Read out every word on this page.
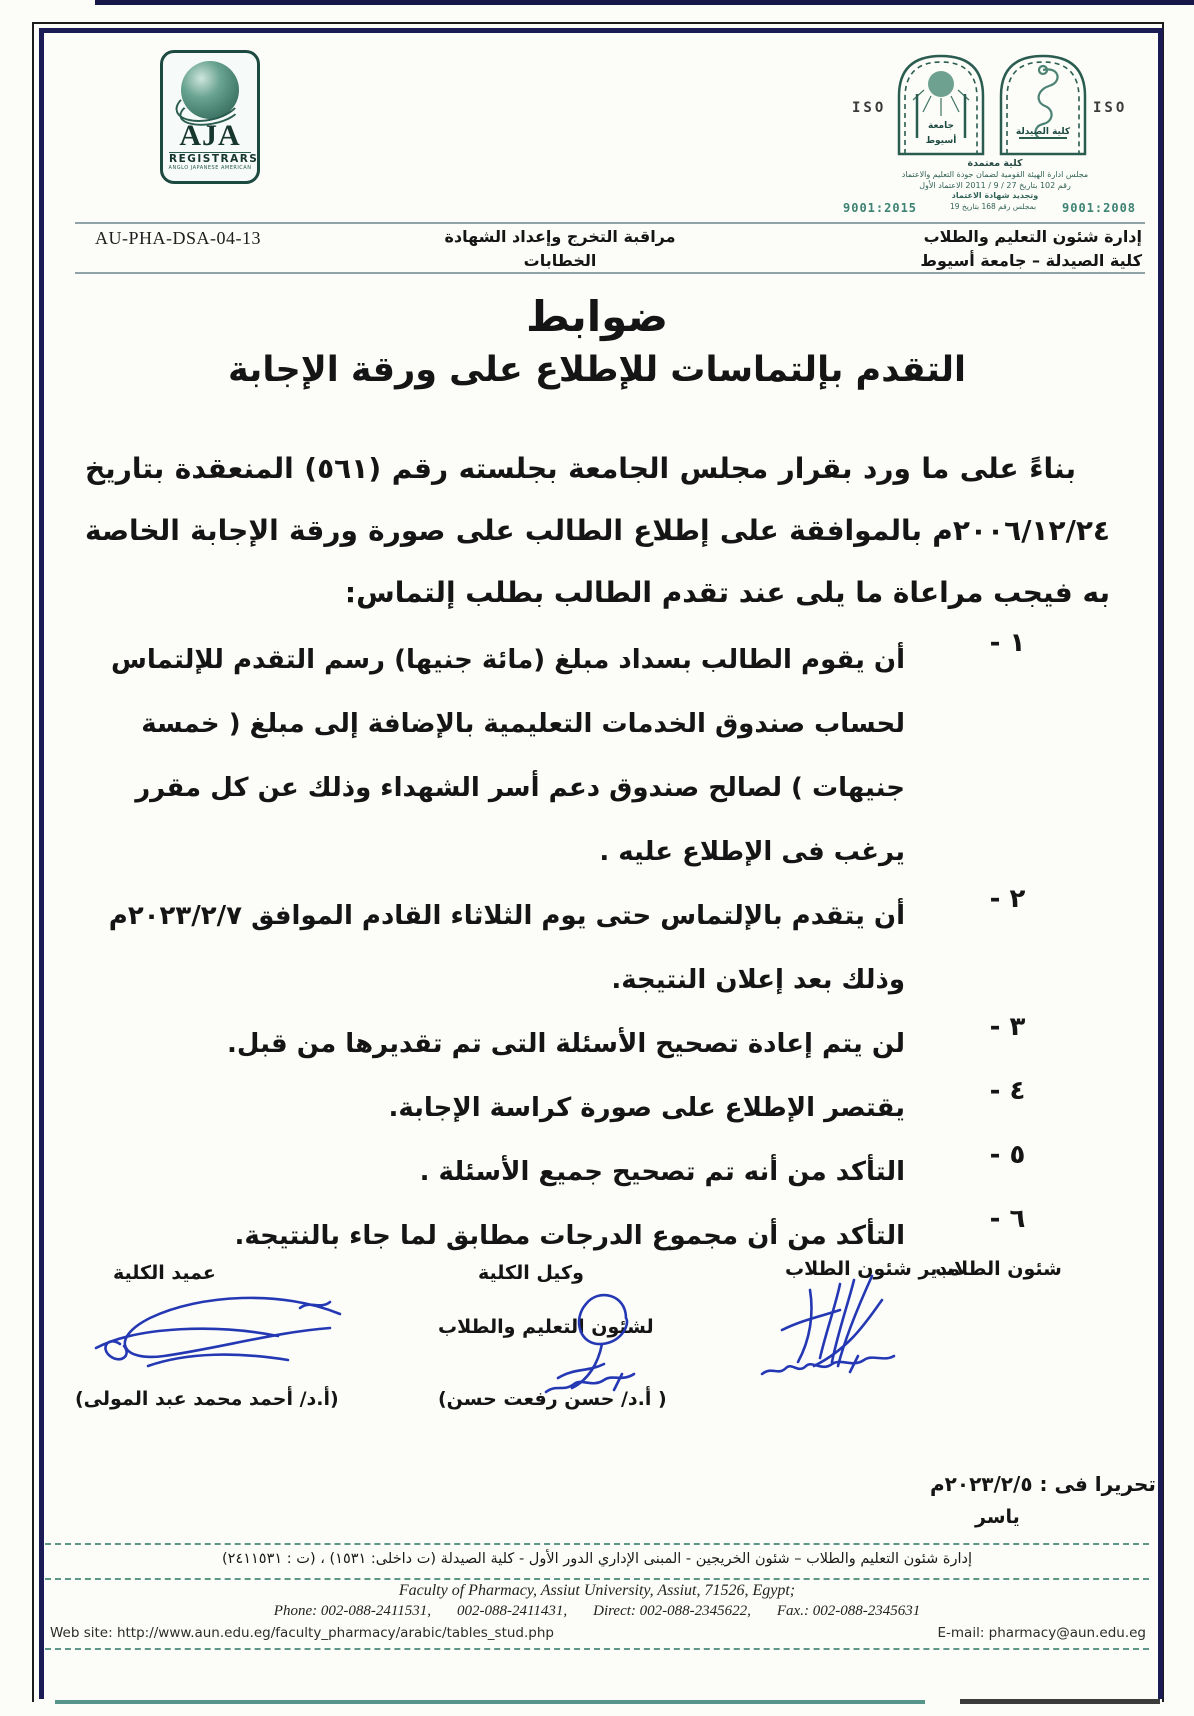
AJA
REGISTRARS
ANGLO JAPANESE AMERICAN
ISO	ISO
جامعة
أسيوط
كلية الصيدلة
كلية معتمدة
مجلس ادارة الهيئة القومية لضمان جودة التعليم والاعتماد
رقم 102 بتاريخ 27 / 9 / 2011 الاعتماد الأول
وتجديد شهادة الاعتماد
9001:2015	بمجلس رقم 168 بتاريخ 19	9001:2008
AU-PHA-DSA-04-13	مراقبة التخرج وإعداد الشهادة
الخطابات
إدارة شئون التعليم والطلاب
كلية الصيدلة – جامعة أسيوط
ضوابط
التقدم بإلتماسات للإطلاع على ورقة الإجابة
بناءً على ما ورد بقرار مجلس الجامعة بجلسته رقم (٥٦١) المنعقدة بتاريخ ٢٠٠٦/١٢/٢٤م بالموافقة على إطلاع الطالب على صورة ورقة الإجابة الخاصة به فيجب مراعاة ما يلى عند تقدم الطالب بطلب إلتماس:
١ -
أن يقوم الطالب بسداد مبلغ (مائة جنيها) رسم التقدم للإلتماس لحساب صندوق الخدمات التعليمية بالإضافة إلى مبلغ ( خمسة جنيهات ) لصالح صندوق دعم أسر الشهداء وذلك عن كل مقرر يرغب فى الإطلاع عليه .
٢ -
أن يتقدم بالإلتماس حتى يوم الثلاثاء القادم الموافق ٢٠٢٣/٢/٧م وذلك بعد إعلان النتيجة.
٣ -
لن يتم إعادة تصحيح الأسئلة التى تم تقديرها من قبل.
٤ -
يقتصر الإطلاع على صورة كراسة الإجابة.
٥ -
التأكد من أنه تم تصحيح جميع الأسئلة .
٦ -
التأكد من أن مجموع الدرجات مطابق لما جاء بالنتيجة.
شئون الطلاب
مدير شئون الطلاب
وكيل الكلية
لشئون التعليم والطلاب
عميد الكلية
( أ.د/ حسن رفعت حسن)
(أ.د/ أحمد محمد عبد المولى)
تحريرا فى : ٢٠٢٣/٢/٥م
ياسر
إدارة شئون التعليم والطلاب – شئون الخريجين - المبنى الإداري الدور الأول - كلية الصيدلة (ت داخلى: ١٥٣١) ، (ت : ٢٤١١٥٣١)
Faculty of Pharmacy, Assiut University, Assiut, 71526, Egypt;
Phone: 002-088-2411531, 002-088-2411431, Direct: 002-088-2345622, Fax.: 002-088-2345631
Web site: http://www.aun.edu.eg/faculty_pharmacy/arabic/tables_stud.php	E-mail: pharmacy@aun.edu.eg
